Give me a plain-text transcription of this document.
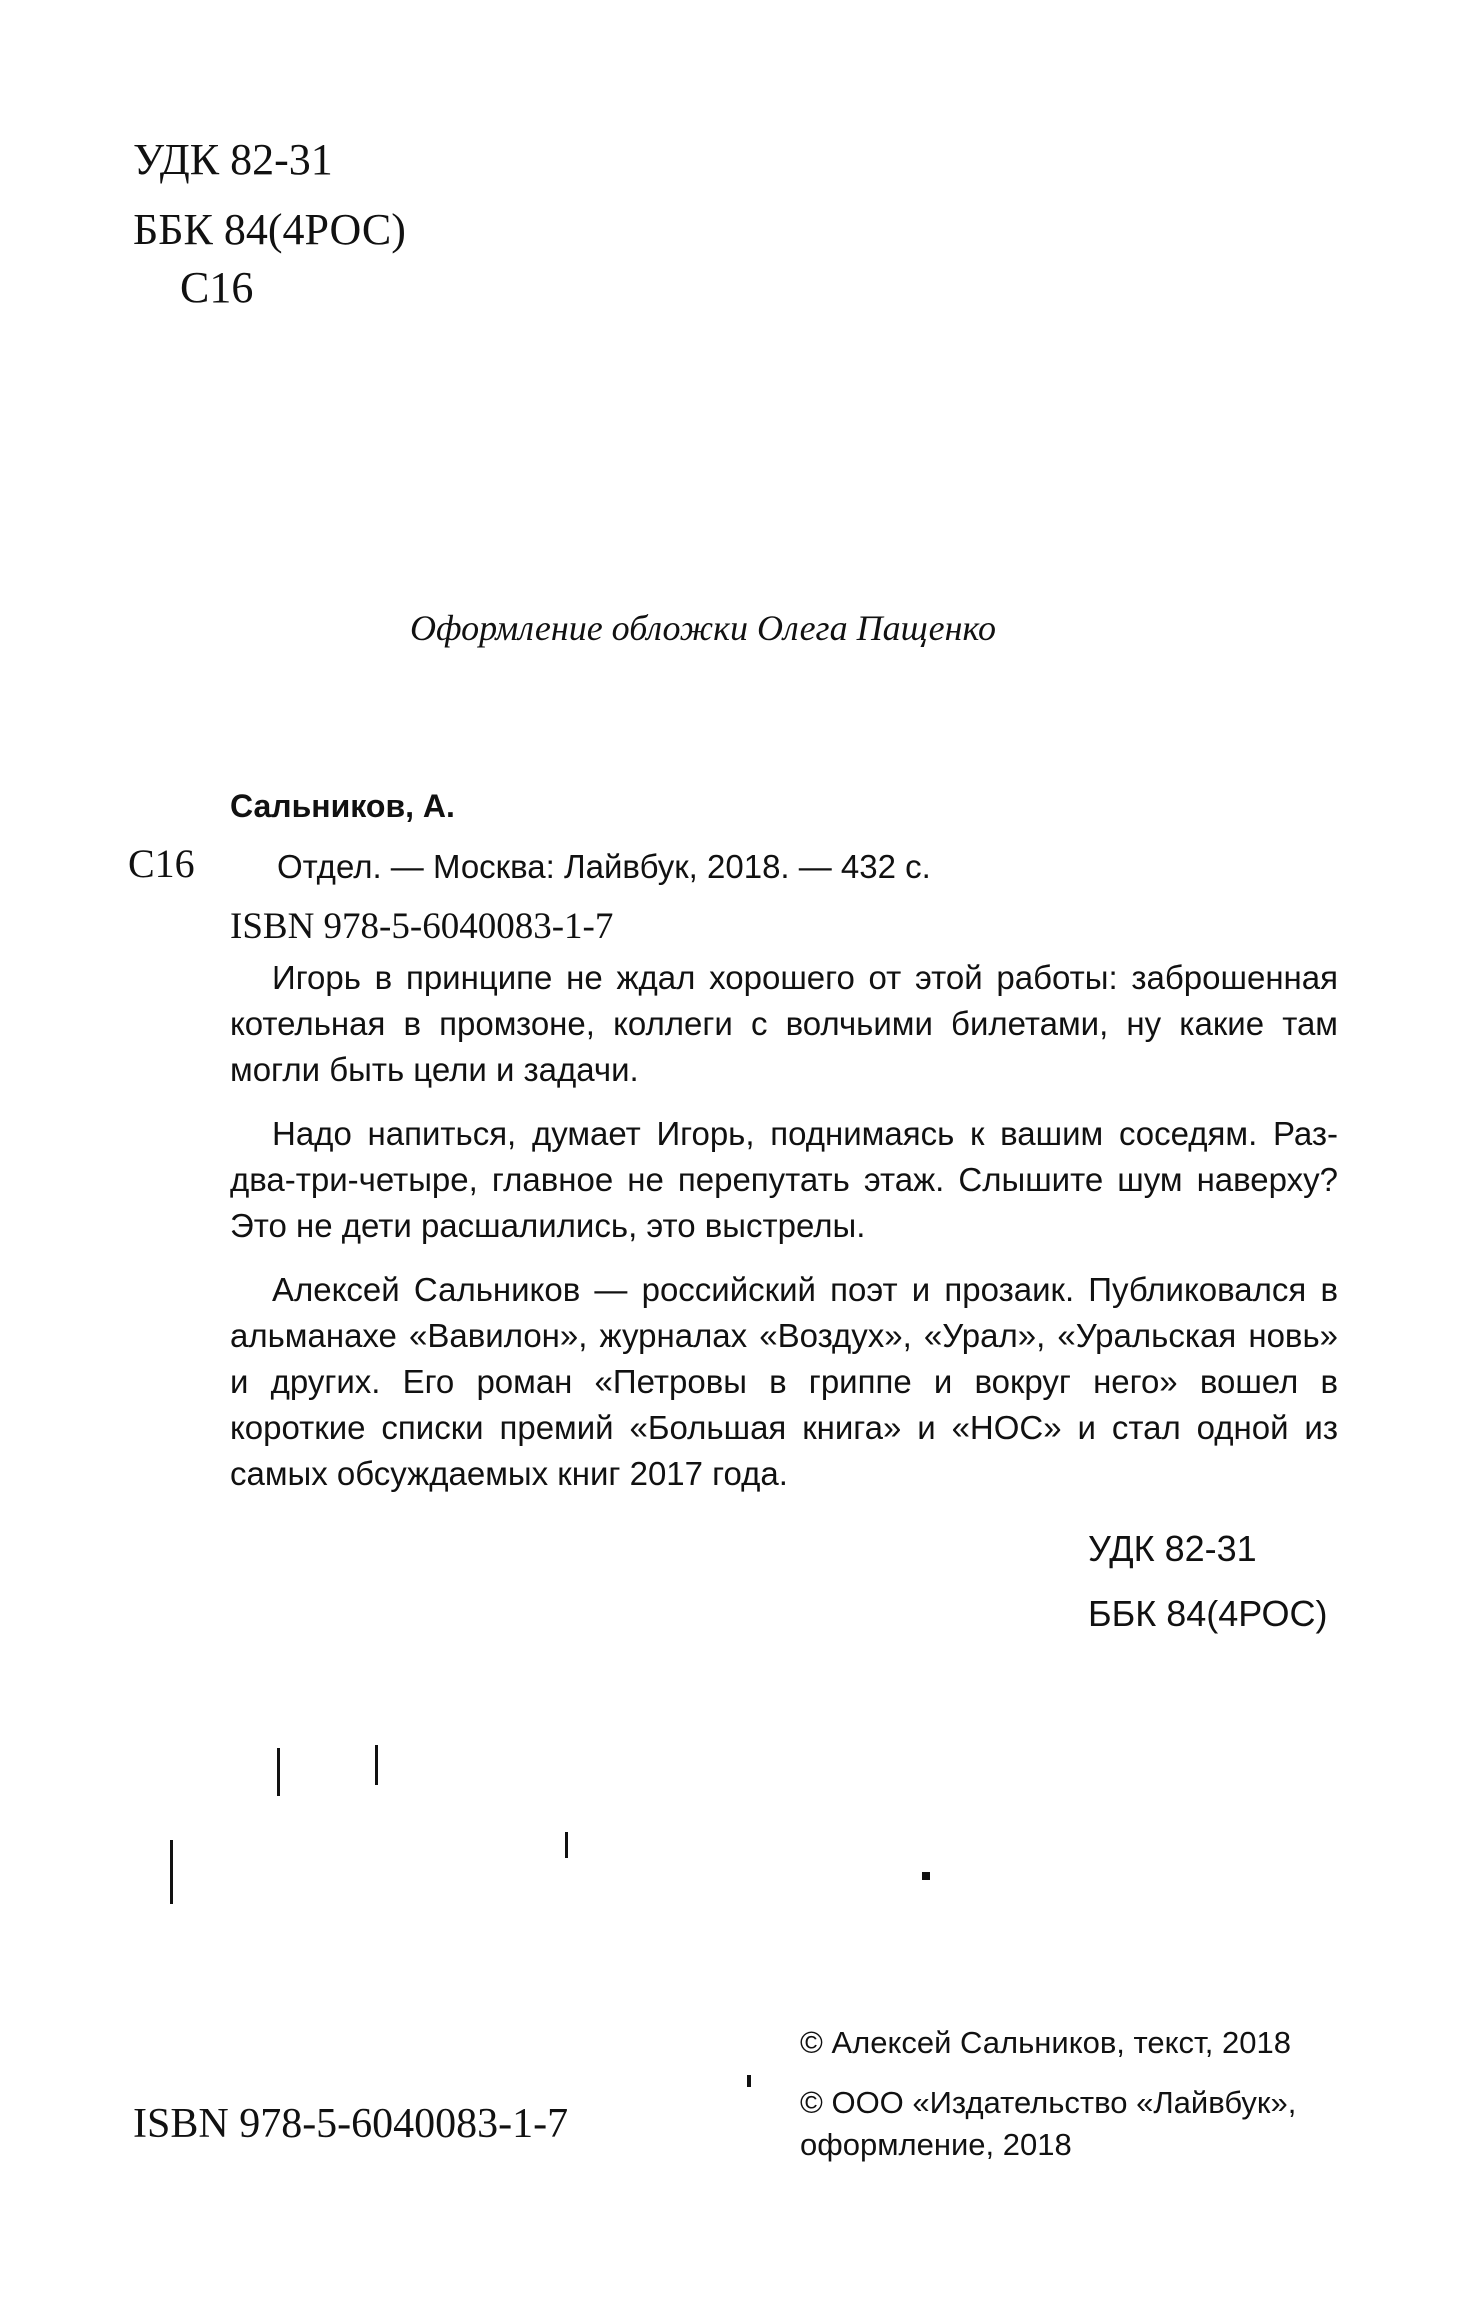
УДК 82-31
ББК 84(4РОС)
С16
Оформление обложки Олега Пащенко
Сальников, А.
С16 Отдел. — Москва: Лайвбук, 2018. — 432 с.
ISBN 978-5-6040083-1-7

Игорь в принципе не ждал хорошего от этой работы: заброшенная котельная в промзоне, коллеги с волчьими билетами, ну какие там могли быть цели и задачи.

Надо напиться, думает Игорь, поднимаясь к вашим соседям. Раз-два-три-четыре, главное не перепутать этаж. Слышите шум наверху? Это не дети расшалились, это выстрелы.

Алексей Сальников — российский поэт и прозаик. Публиковался в альманахе «Вавилон», журналах «Воздух», «Урал», «Уральская новь» и других. Его роман «Петровы в гриппе и вокруг него» вошел в короткие списки премий «Большая книга» и «НОС» и стал одной из самых обсуждаемых книг 2017 года.

УДК 82-31
ББК 84(4РОС)
© Алексей Сальников, текст, 2018
© ООО «Издательство «Лайвбук»,
оформление, 2018
ISBN 978-5-6040083-1-7
